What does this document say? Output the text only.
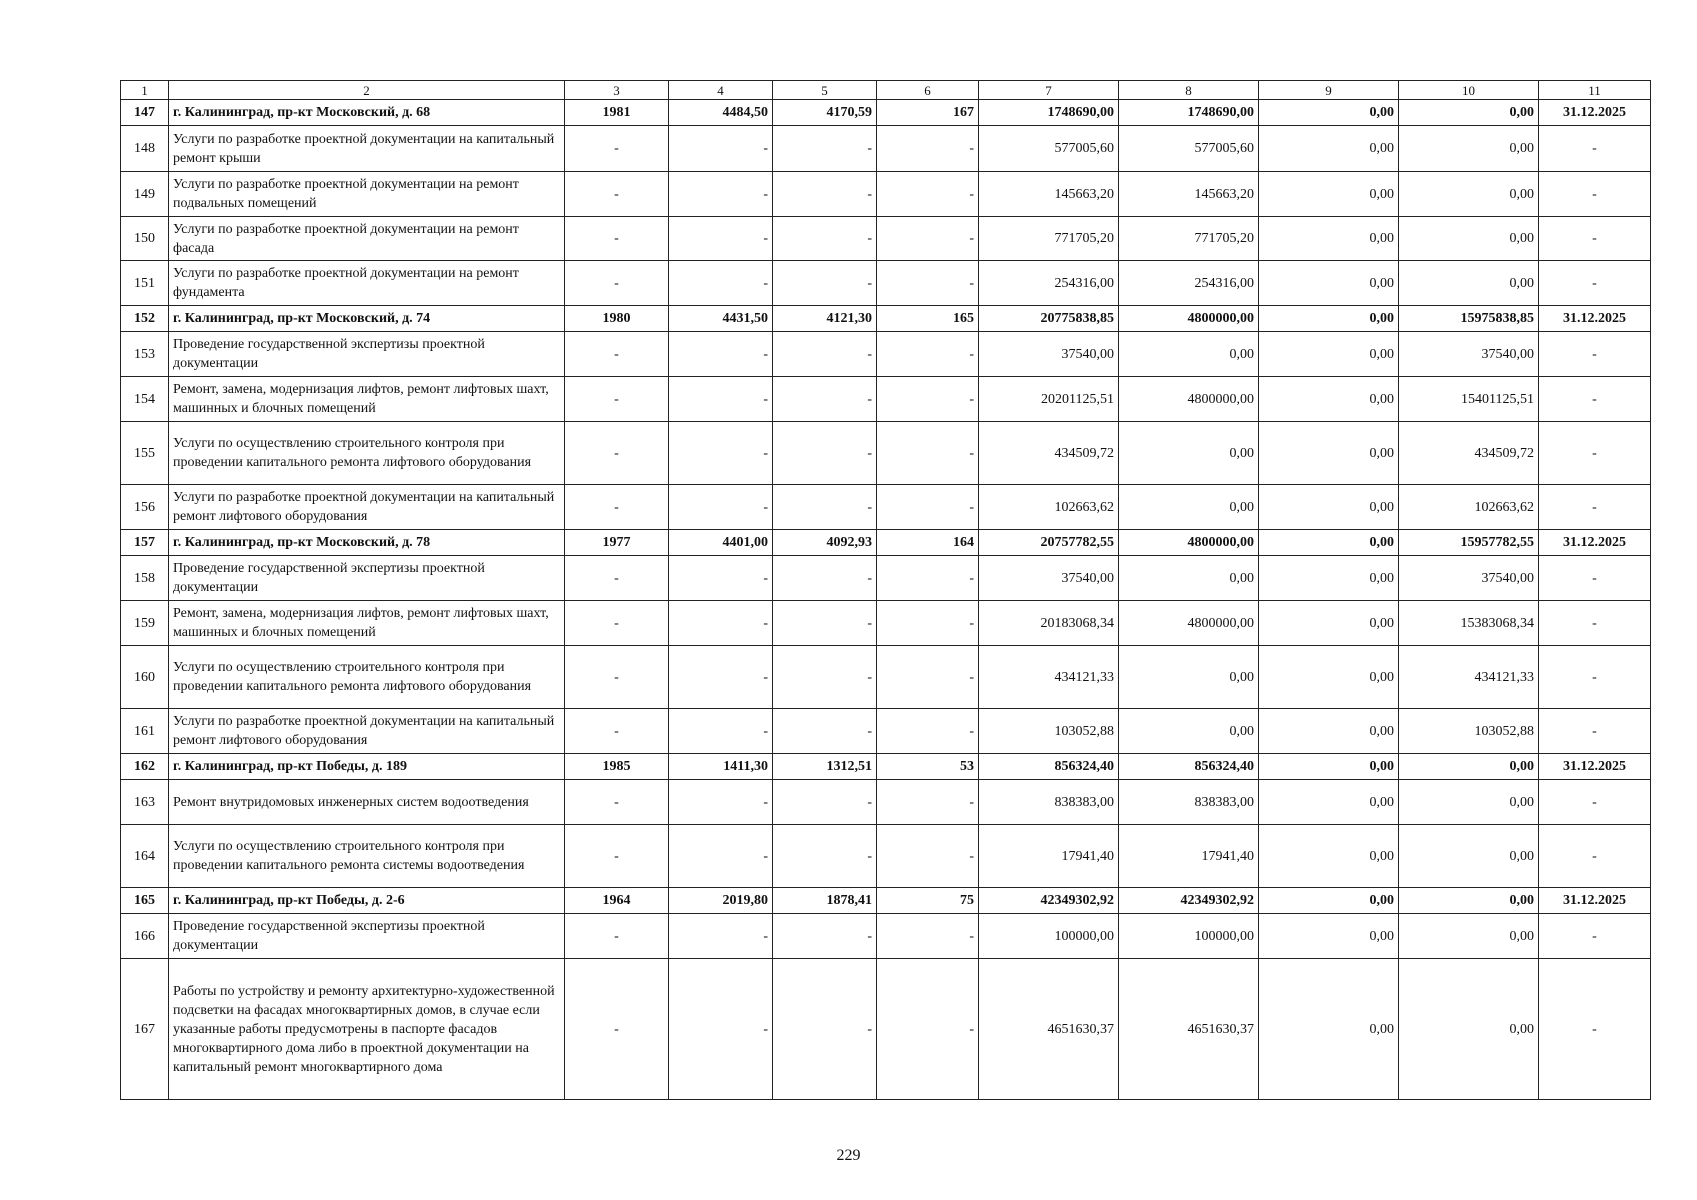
1	2	3	4	5	6	7	8	9	10	11
147	г. Калининград, пр-кт Московский, д. 68	1981	4484,50	4170,59	167	1748690,00	1748690,00	0,00	0,00	31.12.2025
148	Услуги по разработке проектной документации на капитальный ремонт крыши	-	-	-	-	577005,60	577005,60	0,00	0,00	-
149	Услуги по разработке проектной документации на ремонт подвальных помещений	-	-	-	-	145663,20	145663,20	0,00	0,00	-
150	Услуги по разработке проектной документации на ремонт фасада	-	-	-	-	771705,20	771705,20	0,00	0,00	-
151	Услуги по разработке проектной документации на ремонт фундамента	-	-	-	-	254316,00	254316,00	0,00	0,00	-
152	г. Калининград, пр-кт Московский, д. 74	1980	4431,50	4121,30	165	20775838,85	4800000,00	0,00	15975838,85	31.12.2025
153	Проведение государственной экспертизы проектной документации	-	-	-	-	37540,00	0,00	0,00	37540,00	-
154	Ремонт, замена, модернизация лифтов, ремонт лифтовых шахт, машинных и блочных помещений	-	-	-	-	20201125,51	4800000,00	0,00	15401125,51	-
155	Услуги по осуществлению строительного контроля при проведении капитального ремонта лифтового оборудования	-	-	-	-	434509,72	0,00	0,00	434509,72	-
156	Услуги по разработке проектной документации на капитальный ремонт лифтового оборудования	-	-	-	-	102663,62	0,00	0,00	102663,62	-
157	г. Калининград, пр-кт Московский, д. 78	1977	4401,00	4092,93	164	20757782,55	4800000,00	0,00	15957782,55	31.12.2025
158	Проведение государственной экспертизы проектной документации	-	-	-	-	37540,00	0,00	0,00	37540,00	-
159	Ремонт, замена, модернизация лифтов, ремонт лифтовых шахт, машинных и блочных помещений	-	-	-	-	20183068,34	4800000,00	0,00	15383068,34	-
160	Услуги по осуществлению строительного контроля при проведении капитального ремонта лифтового оборудования	-	-	-	-	434121,33	0,00	0,00	434121,33	-
161	Услуги по разработке проектной документации на капитальный ремонт лифтового оборудования	-	-	-	-	103052,88	0,00	0,00	103052,88	-
162	г. Калининград, пр-кт Победы, д. 189	1985	1411,30	1312,51	53	856324,40	856324,40	0,00	0,00	31.12.2025
163	Ремонт внутридомовых инженерных систем водоотведения	-	-	-	-	838383,00	838383,00	0,00	0,00	-
164	Услуги по осуществлению строительного контроля при проведении капитального ремонта системы водоотведения	-	-	-	-	17941,40	17941,40	0,00	0,00	-
165	г. Калининград, пр-кт Победы, д. 2-6	1964	2019,80	1878,41	75	42349302,92	42349302,92	0,00	0,00	31.12.2025
166	Проведение государственной экспертизы проектной документации	-	-	-	-	100000,00	100000,00	0,00	0,00	-
167	Работы по устройству и ремонту архитектурно-художественной подсветки на фасадах многоквартирных домов, в случае если указанные работы предусмотрены в паспорте фасадов многоквартирного дома либо в проектной документации на капитальный ремонт многоквартирного дома	-	-	-	-	4651630,37	4651630,37	0,00	0,00	-
229
